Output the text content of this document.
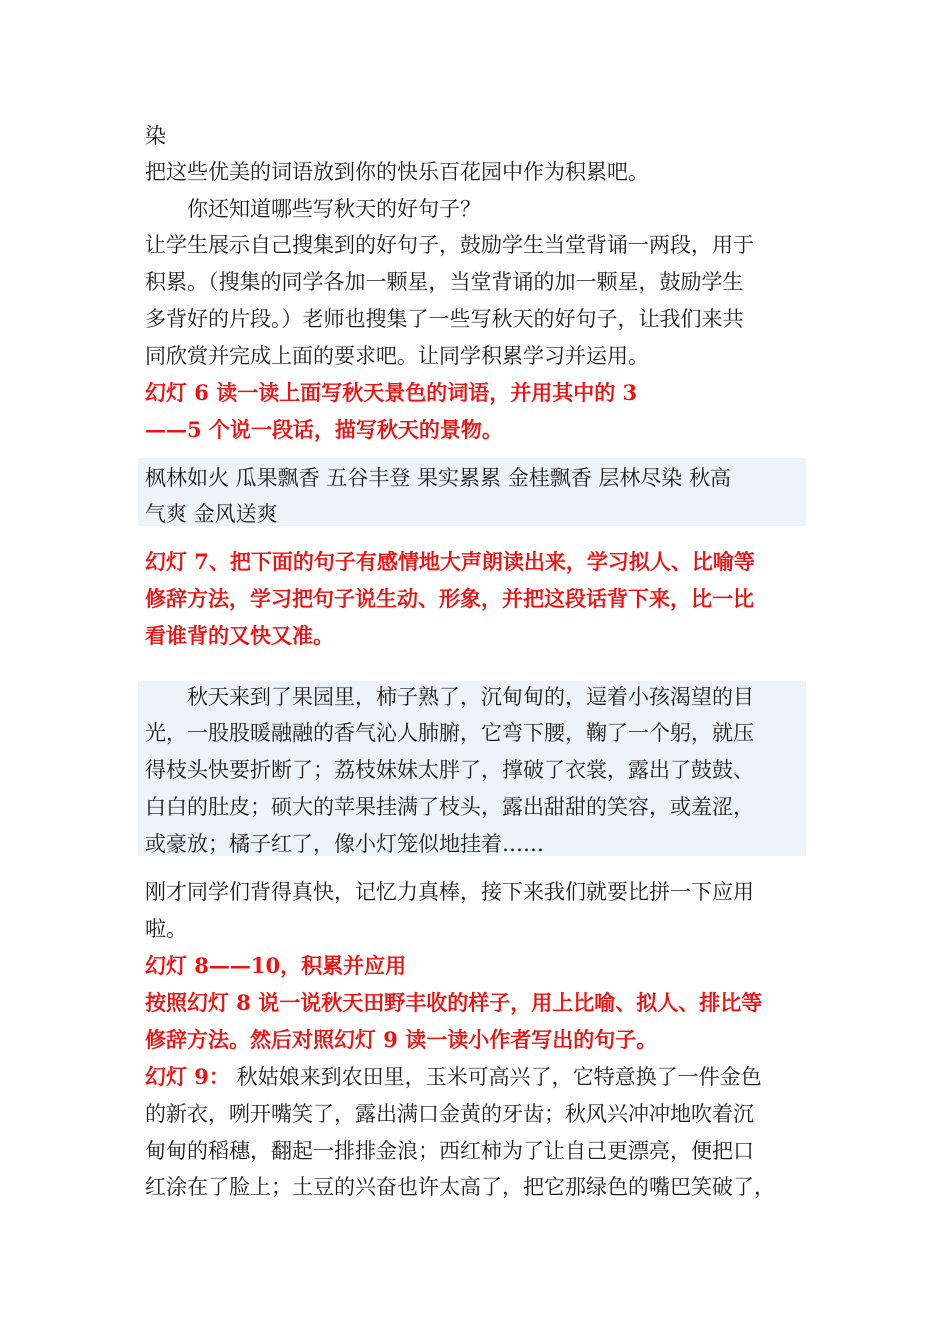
染

把这些优美的词语放到你的快乐百花园中作为积累吧。

你还知道哪些写秋天的好句子？

让学生展示自己搜集到的好句子，鼓励学生当堂背诵一两段，用于

积累。（搜集的同学各加一颗星，当堂背诵的加一颗星，鼓励学生

多背好的片段。）老师也搜集了一些写秋天的好句子，让我们来共

同欣赏并完成上面的要求吧。让同学积累学习并运用。

幻灯 6 读一读上面写秋天景色的词语，并用其中的 3

——5 个说一段话，描写秋天的景物。

枫林如火 瓜果飘香 五谷丰登 果实累累 金桂飘香 层林尽染 秋高

气爽 金风送爽

幻灯 7、把下面的句子有感情地大声朗读出来，学习拟人、比喻等

修辞方法，学习把句子说生动、形象，并把这段话背下来，比一比

看谁背的又快又准。

秋天来到了果园里，柿子熟了，沉甸甸的，逗着小孩渴望的目

光，一股股暖融融的香气沁人肺腑，它弯下腰，鞠了一个躬，就压

得枝头快要折断了；荔枝妹妹太胖了，撑破了衣裳，露出了鼓鼓、

白白的肚皮；硕大的苹果挂满了枝头，露出甜甜的笑容，或羞涩，

或豪放；橘子红了，像小灯笼似地挂着……

刚才同学们背得真快，记忆力真棒，接下来我们就要比拼一下应用

啦。

幻灯 8——10，积累并应用

按照幻灯 8 说一说秋天田野丰收的样子，用上比喻、拟人、排比等

修辞方法。然后对照幻灯 9 读一读小作者写出的句子。

幻灯 9： 秋姑娘来到农田里，玉米可高兴了，它特意换了一件金色

的新衣，咧开嘴笑了，露出满口金黄的牙齿；秋风兴冲冲地吹着沉

甸甸的稻穗，翻起一排排金浪；西红柿为了让自己更漂亮，便把口

红涂在了脸上；土豆的兴奋也许太高了，把它那绿色的嘴巴笑破了，
